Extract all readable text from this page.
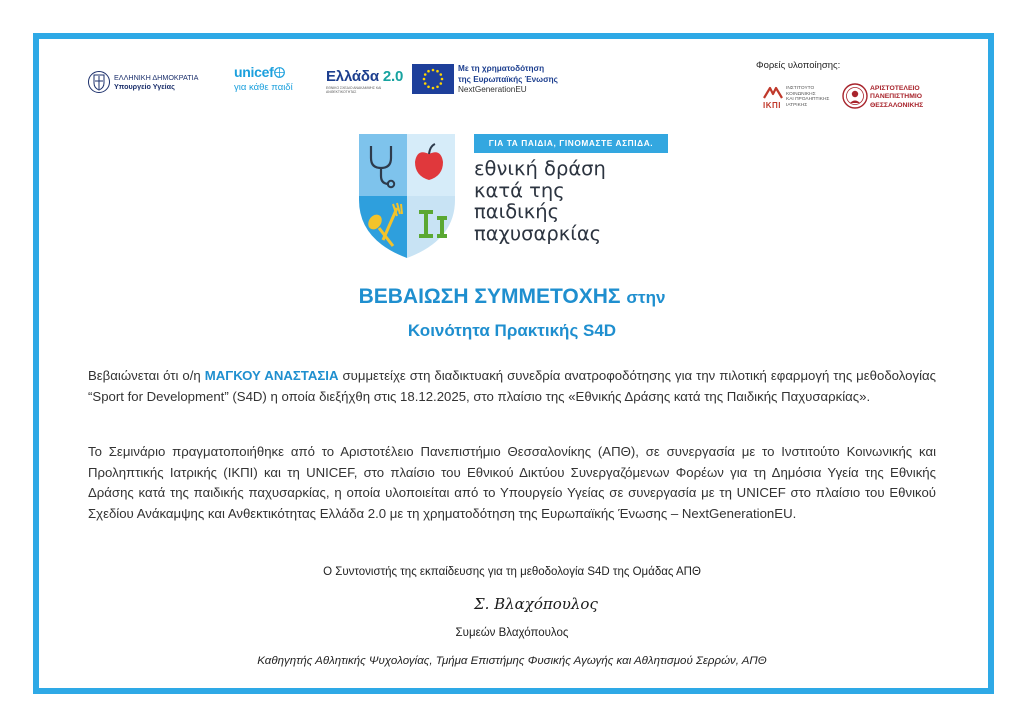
ΕΛΛΗΝΙΚΗ ΔΗΜΟΚΡΑΤΙΑ
Υπουργείο Υγείας
unicef
για κάθε παιδί
Ελλάδα 2.0
ΕΘΝΙΚΟ ΣΧΕΔΙΟ ΑΝΑΚΑΜΨΗΣ ΚΑΙ ΑΝΘΕΚΤΙΚΟΤΗΤΑΣ
Με τη χρηματοδότηση
της Ευρωπαϊκής Ένωσης
NextGenerationEU
Φορείς υλοποίησης:
ΙΚΠΙ
ΙΝΣΤΙΤΟΥΤΟ
ΚΟΙΝΩΝΙΚΗΣ
ΚΑΙ ΠΡΟΛΗΠΤΙΚΗΣ
ΙΑΤΡΙΚΗΣ
ΑΡΙΣΤΟΤΕΛΕΙΟ
ΠΑΝΕΠΙΣΤΗΜΙΟ
ΘΕΣΣΑΛΟΝΙΚΗΣ
ΓΙΑ ΤΑ ΠΑΙΔΙΑ, ΓΙΝΟΜΑΣΤΕ ΑΣΠΙΔΑ.
εθνική δράση
κατά της
παιδικής
παχυσαρκίας
ΒΕΒΑΙΩΣΗ ΣΥΜΜΕΤΟΧΗΣ στην
Κοινότητα Πρακτικής S4D
Βεβαιώνεται ότι ο/η ΜΑΓΚΟΥ ΑΝΑΣΤΑΣΙΑ συμμετείχε στη διαδικτυακή συνεδρία ανατροφοδότησης για την πιλοτική εφαρμογή της μεθοδολογίας “Sport for Development” (S4D) η οποία διεξήχθη στις 18.12.2025, στο πλαίσιο της «Εθνικής Δράσης κατά της Παιδικής Παχυσαρκίας».
Το Σεμινάριο πραγματοποιήθηκε από το Αριστοτέλειο Πανεπιστήμιο Θεσσαλονίκης (ΑΠΘ), σε συνεργασία με το Ινστιτούτο Κοινωνικής και Προληπτικής Ιατρικής (ΙΚΠΙ) και τη UNICEF, στο πλαίσιο του Εθνικού Δικτύου Συνεργαζόμενων Φορέων για τη Δημόσια Υγεία της Εθνικής Δράσης κατά της παιδικής παχυσαρκίας, η οποία υλοποιείται από το Υπουργείο Υγείας σε συνεργασία με τη UNICEF στο πλαίσιο του Εθνικού Σχεδίου Ανάκαμψης και Ανθεκτικότητας Ελλάδα 2.0 με τη χρηματοδότηση της Ευρωπαϊκής Ένωσης – NextGenerationEU.
Ο Συντονιστής της εκπαίδευσης για τη μεθοδολογία S4D της Ομάδας ΑΠΘ
Σ. Βλαχόπουλος
Συμεών Βλαχόπουλος
Καθηγητής Αθλητικής Ψυχολογίας, Τμήμα Επιστήμης Φυσικής Αγωγής και Αθλητισμού Σερρών, ΑΠΘ
